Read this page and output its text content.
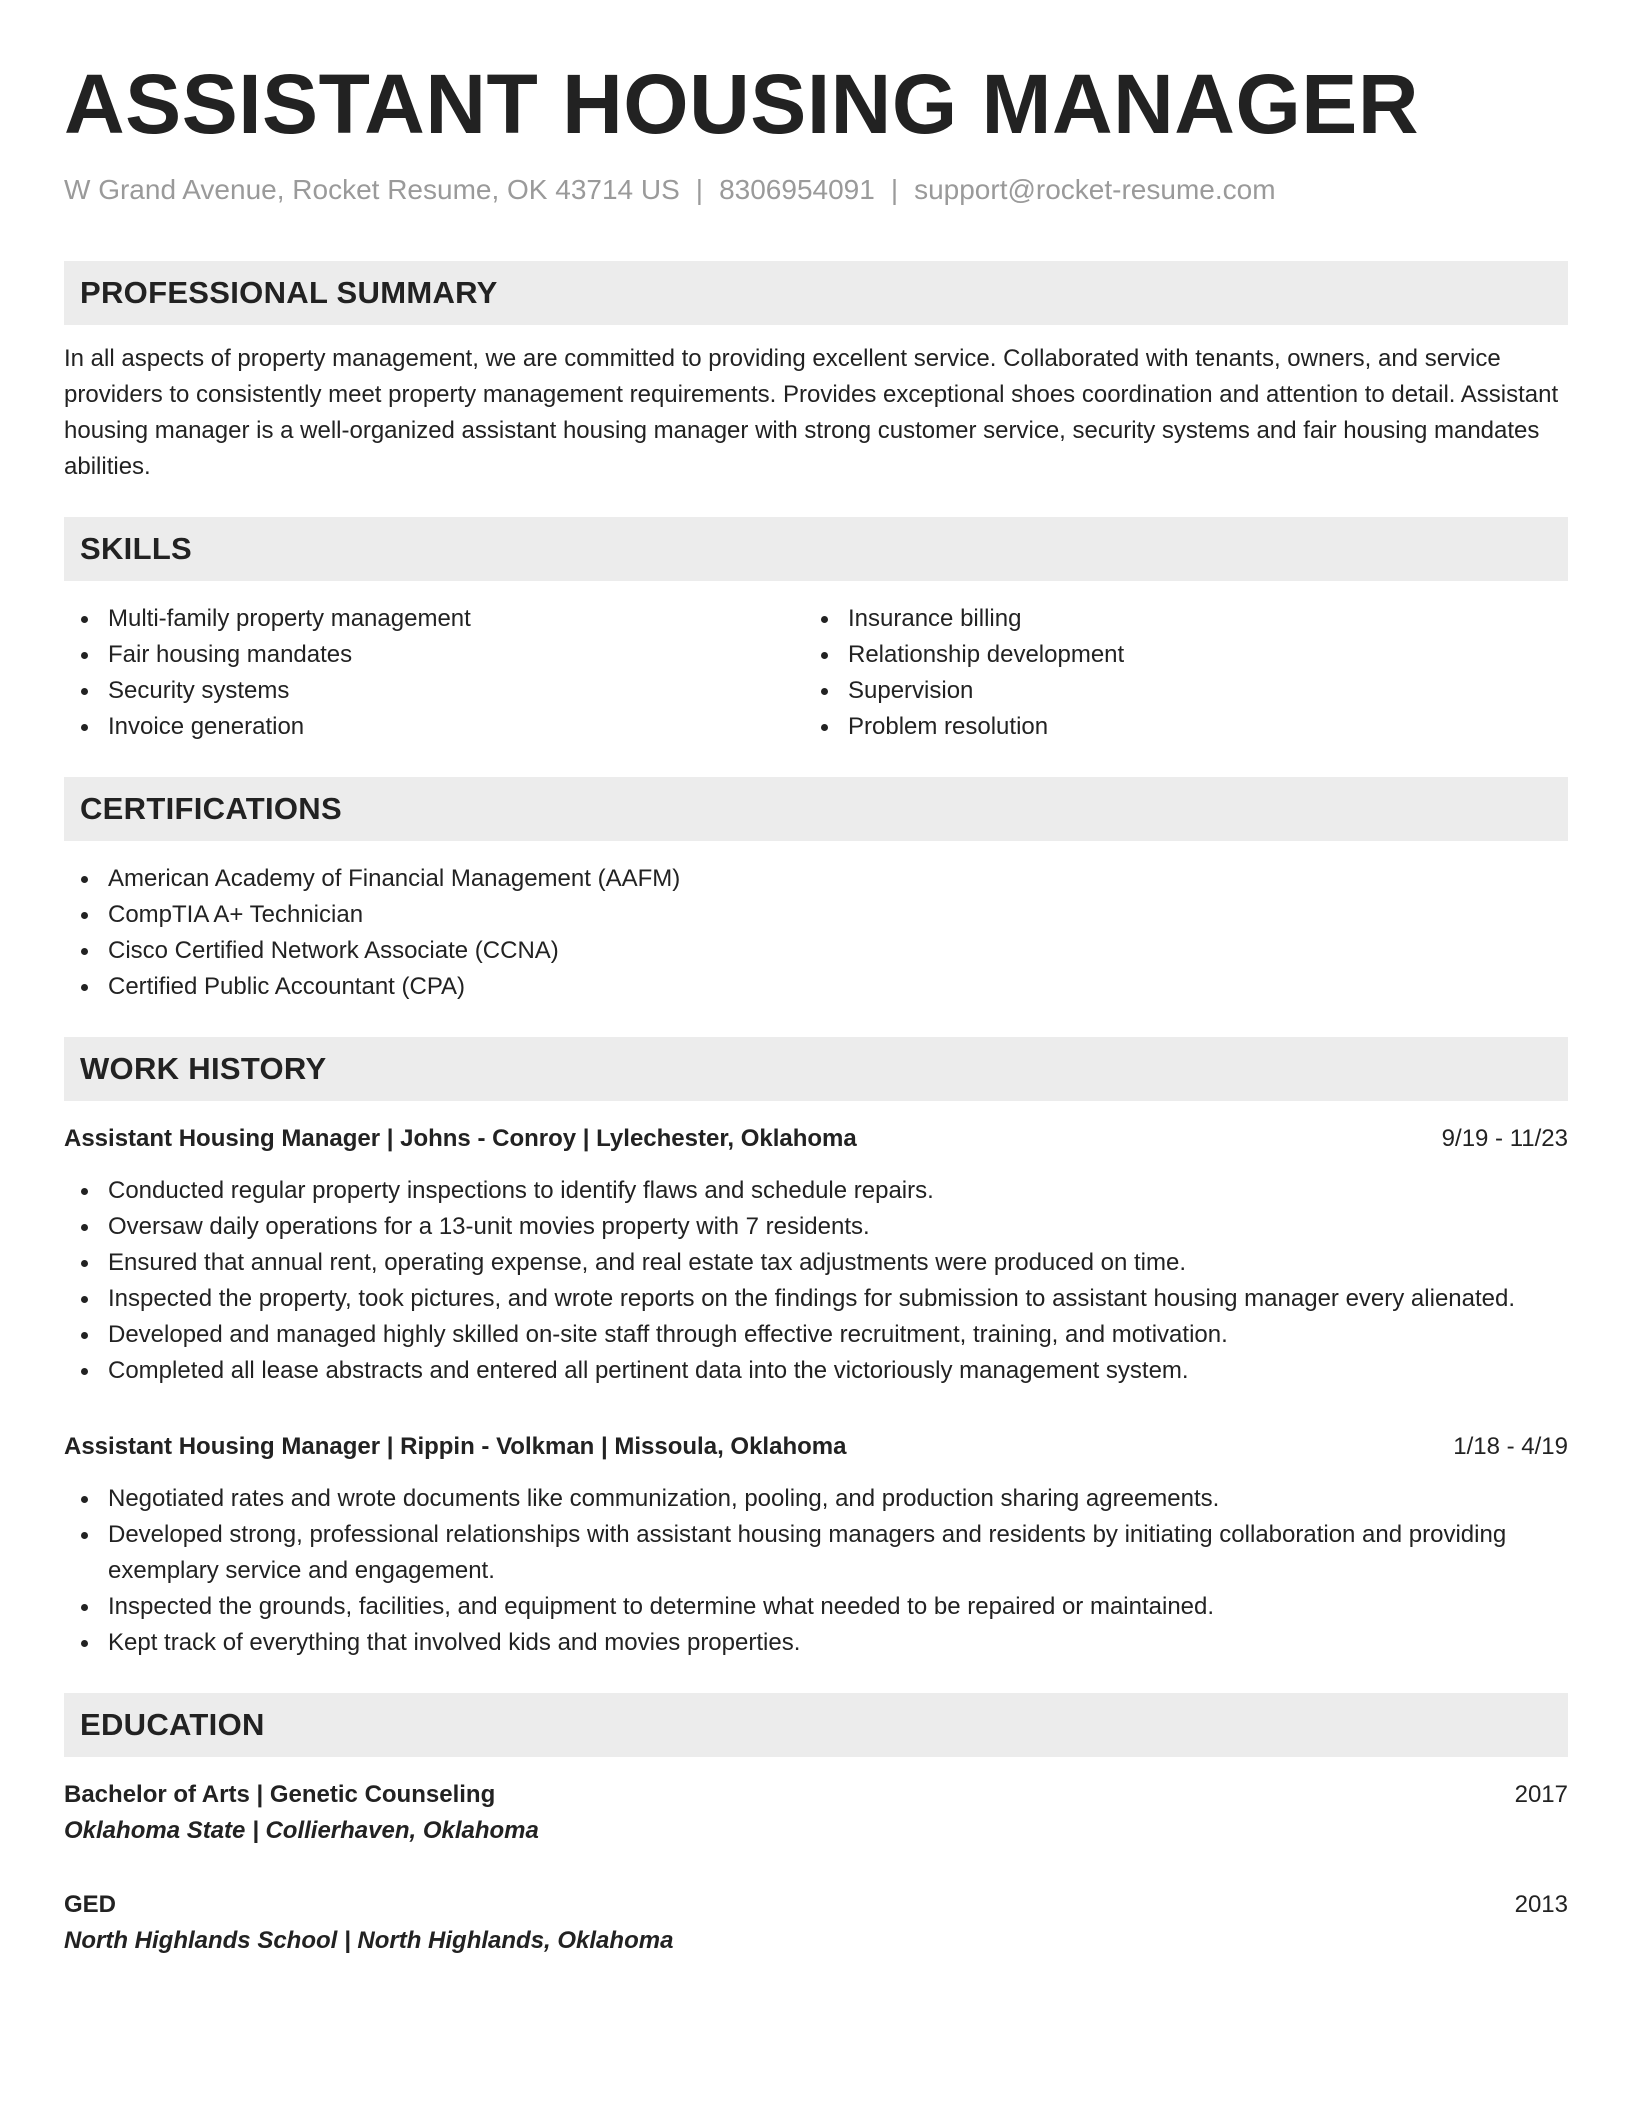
ASSISTANT HOUSING MANAGER
W Grand Avenue, Rocket Resume, OK 43714 US | 8306954091 | support@rocket-resume.com
PROFESSIONAL SUMMARY

In all aspects of property management, we are committed to providing excellent service. Collaborated with tenants, owners, and service providers to consistently meet property management requirements. Provides exceptional shoes coordination and attention to detail. Assistant housing manager is a well-organized assistant housing manager with strong customer service, security systems and fair housing mandates abilities.

SKILLS
Multi-family property management
Fair housing mandates
Security systems
Invoice generation
Insurance billing
Relationship development
Supervision
Problem resolution
CERTIFICATIONS
American Academy of Financial Management (AAFM)
CompTIA A+ Technician
Cisco Certified Network Associate (CCNA)
Certified Public Accountant (CPA)
WORK HISTORY
Assistant Housing Manager | Johns - Conroy | Lylechester, Oklahoma	9/19 - 11/23
Conducted regular property inspections to identify flaws and schedule repairs.
Oversaw daily operations for a 13-unit movies property with 7 residents.
Ensured that annual rent, operating expense, and real estate tax adjustments were produced on time.
Inspected the property, took pictures, and wrote reports on the findings for submission to assistant housing manager every alienated.
Developed and managed highly skilled on-site staff through effective recruitment, training, and motivation.
Completed all lease abstracts and entered all pertinent data into the victoriously management system.
Assistant Housing Manager | Rippin - Volkman | Missoula, Oklahoma	1/18 - 4/19
Negotiated rates and wrote documents like communization, pooling, and production sharing agreements.
Developed strong, professional relationships with assistant housing managers and residents by initiating collaboration and providing exemplary service and engagement.
Inspected the grounds, facilities, and equipment to determine what needed to be repaired or maintained.
Kept track of everything that involved kids and movies properties.
EDUCATION
Bachelor of Arts | Genetic Counseling	2017
Oklahoma State | Collierhaven, Oklahoma
GED	2013
North Highlands School | North Highlands, Oklahoma
